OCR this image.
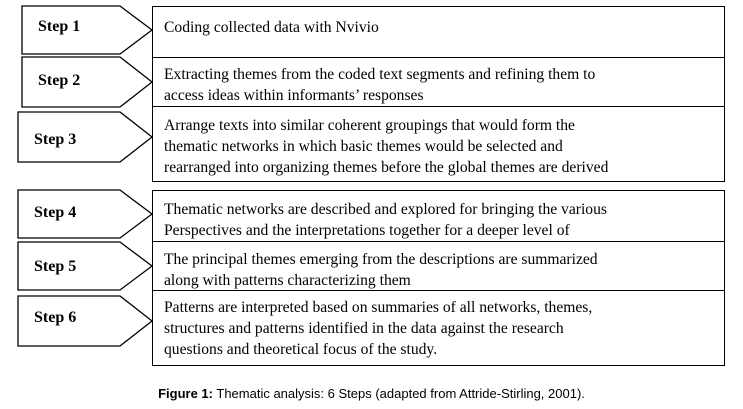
Step 1
Step 2
Step 3
Step 4
Step 5
Step 6
Coding collected data with Nvivio
Extracting themes from the coded text segments and refining them to
access ideas within informants’ responses
Arrange texts into similar coherent groupings that would form the
thematic networks in which basic themes would be selected and
rearranged into organizing themes before the global themes are derived
Thematic networks are described and explored for bringing the various
Perspectives and the interpretations together for a deeper level of
The principal themes emerging from the descriptions are summarized
along with patterns characterizing them
Patterns are interpreted based on summaries of all networks, themes,
structures and patterns identified in the data against the research
questions and theoretical focus of the study.
Figure 1: Thematic analysis: 6 Steps (adapted from Attride-Stirling, 2001).
